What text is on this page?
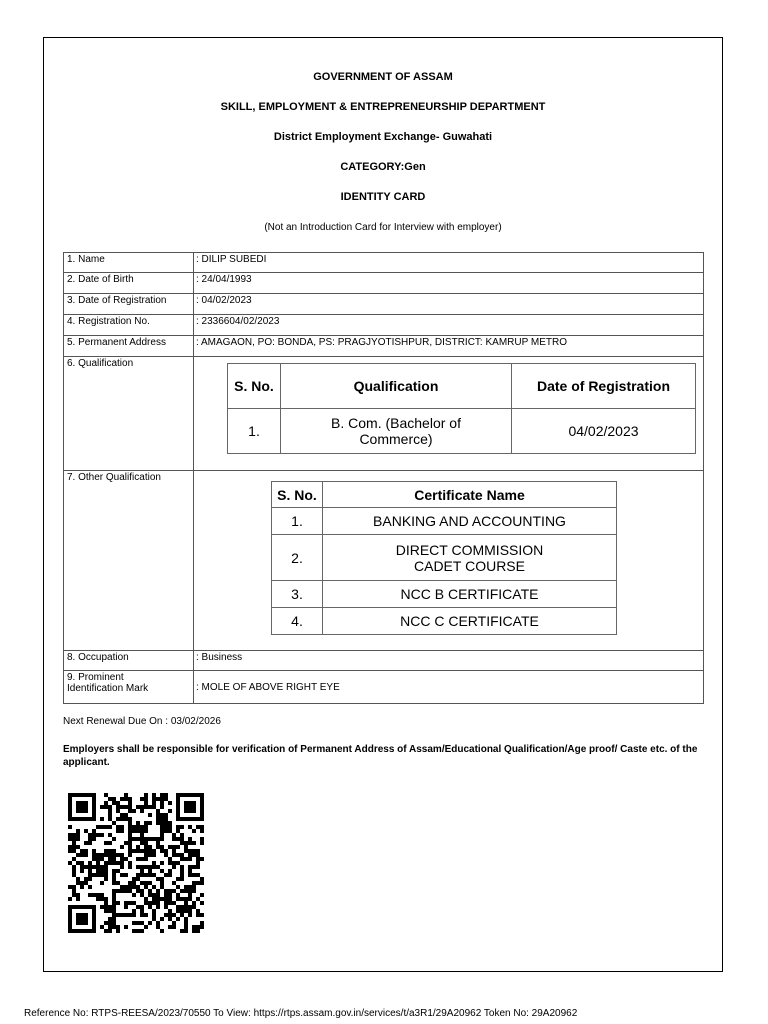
GOVERNMENT OF ASSAM
SKILL, EMPLOYMENT & ENTREPRENEURSHIP DEPARTMENT
District Employment Exchange- Guwahati
CATEGORY:Gen
IDENTITY CARD
(Not an Introduction Card for Interview with employer)
1. Name	: DILIP SUBEDI
2. Date of Birth	: 24/04/1993
3. Date of Registration	: 04/02/2023
4. Registration No.	: 2336604/02/2023
5. Permanent Address	: AMAGAON, PO: BONDA, PS: PRAGJYOTISHPUR, DISTRICT: KAMRUP METRO
6. Qualification	
S. No.	Qualification	Date of Registration
1.	B. Com. (Bachelor of Commerce)	04/02/2023

7. Other Qualification	
S. No.	Certificate Name
1.	BANKING AND ACCOUNTING
2.	DIRECT COMMISSION CADET COURSE
3.	NCC B CERTIFICATE
4.	NCC C CERTIFICATE

8. Occupation	: Business

9. Prominent
Identification Mark	: MOLE OF ABOVE RIGHT EYE
Next Renewal Due On : 03/02/2026
Employers shall be responsible for verification of Permanent Address of Assam/Educational Qualification/Age proof/ Caste etc. of the applicant.
Reference No: RTPS-REESA/2023/70550 To View: https://rtps.assam.gov.in/services/t/a3R1/29A20962 Token No: 29A20962
